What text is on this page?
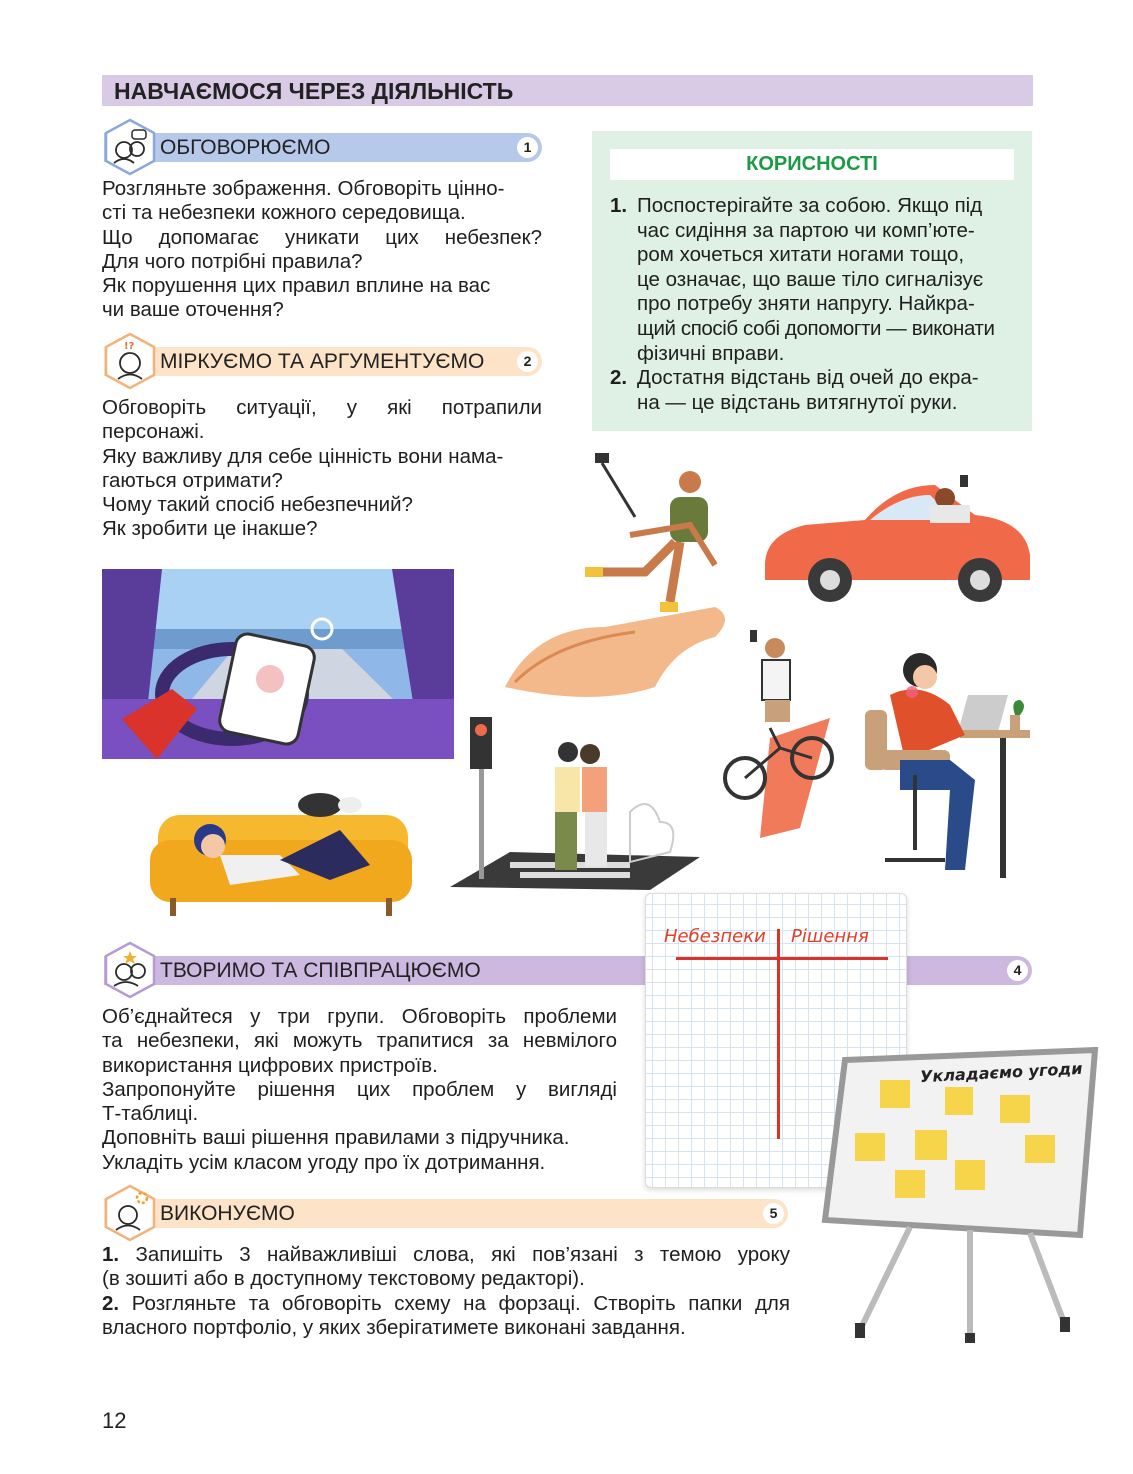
НАВЧАЄМОСЯ ЧЕРЕЗ ДІЯЛЬНІСТЬ
ОБГОВОРЮЄМО	1

Розгляньте зображення. Обговоріть цінно-

сті та небезпеки кожного середовища.

Що допомагає уникати цих небезпек?

Для чого потрібні правила?

Як порушення цих правил вплине на вас

чи ваше оточення?

МІРКУЄМО ТА АРГУМЕНТУЄМО	2
!?

Обговоріть ситуації, у які потрапили

персонажі.

Яку важливу для себе цінність вони нама-

гаються отримати?

Чому такий спосіб небезпечний?

Як зробити це інакше?

КОРИСНОСТІ
1. Поспостерігайте за собою. Якщо під
час сидіння за партою чи комп’юте-
ром хочеться хитати ногами тощо,
це означає, що ваше тіло сигналізує
про потребу зняти напругу. Найкра-
щий спосіб собі допомогти — виконати
фізичні вправи.
2. Достатня відстань від очей до екра-
на — це відстань витягнутої руки.
ТВОРИМО ТА СПІВПРАЦЮЄМО	4
Небезпеки Рішення

Об’єднайтеся у три групи. Обговоріть проблеми

та небезпеки, які можуть трапитися за невмілого

використання цифрових пристроїв.

Запропонуйте рішення цих проблем у вигляді

Т-таблиці.

Доповніть ваші рішення правилами з підручника.

Укладіть усім класом угоду про їх дотримання.

Укладаємо угоди
ВИКОНУЄМО	5

1. Запишіть 3 найважливіші слова, які пов’язані з темою уроку

(в зошиті або в доступному текстовому редакторі).

2. Розгляньте та обговоріть схему на форзаці. Створіть папки для

власного портфоліо, у яких зберігатимете виконані завдання.

12
